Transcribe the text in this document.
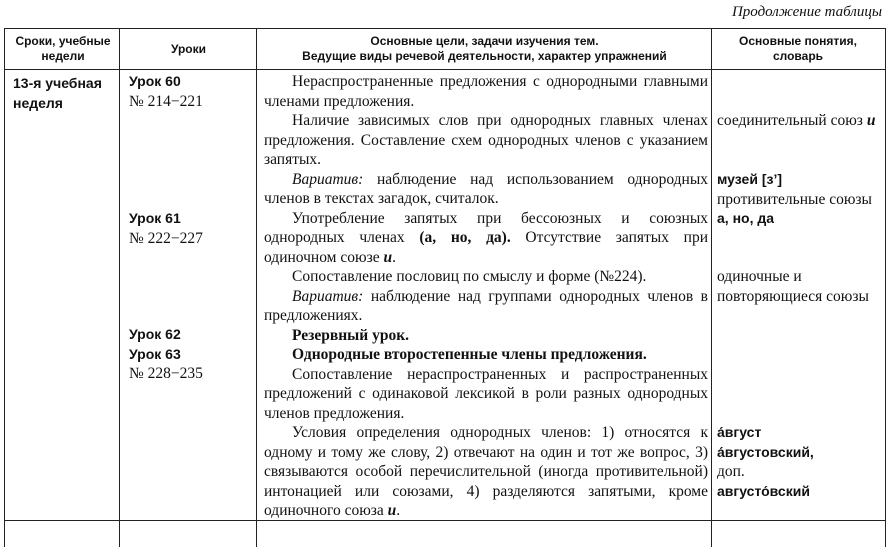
Продолжение таблицы
Сроки, учебные
недели
Уроки
Основные цели, задачи изучения тем.
Ведущие виды речевой деятельности, характер упражнений
Основные понятия,
словарь
13-я учебная
неделя
Урок 60
№ 214−221
Урок 61
№ 222−227
Урок 62
Урок 63
№ 228−235
Нераспространенные предложения с однородными главными членами предложения.
Наличие зависимых слов при однородных главных членах предложения. Составление схем однородных членов с указанием запятых.
Вариатив: наблюдение над использованием однородных членов в текстах загадок, считалок.
Употребление запятых при бессоюзных и союзных однородных членах (а, но, да). Отсутствие запятых при одиночном союзе и.
Сопоставление пословиц по смыслу и форме (№224).
Вариатив: наблюдение над группами однородных членов в предложениях.
Резервный урок.
Однородные второстепенные члены предложения.
Сопоставление нераспространенных и распространенных предложений с одинаковой лексикой в роли разных однородных членов предложения.
Условия определения однородных членов: 1) относятся к одному и тому же слову, 2) отвечают на один и тот же вопрос, 3) связываются особой перечислительной (иногда противительной) интонацией или союзами, 4) разделяются запятыми, кроме одиночного союза и.
соединительный союз и
музей [з’]
противительные союзы а, но, да
одиночные и повторяющиеся союзы
а́вгуст
а́вгустовский,
доп.
августо́вский
